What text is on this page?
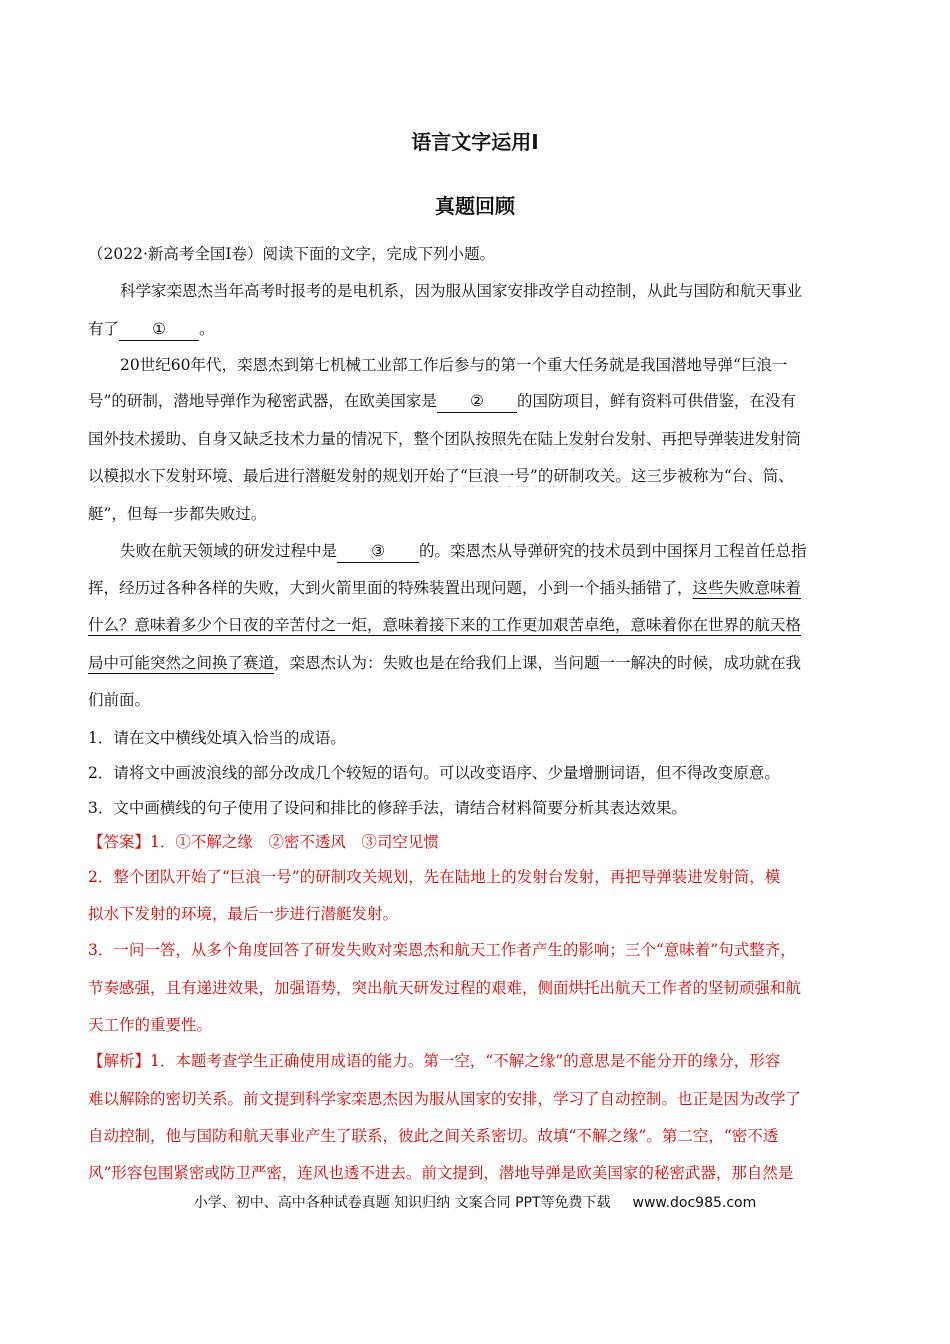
语言文字运用Ⅰ
真题回顾
（2022·新高考全国Ⅰ卷）阅读下面的文字，完成下列小题。
科学家栾恩杰当年高考时报考的是电机系，因为服从国家安排改学自动控制，从此与国防和航天事业
有了 ① 。
20世纪60年代，栾恩杰到第七机械工业部工作后参与的第一个重大任务就是我国潜地导弹“巨浪一
号”的研制，潜地导弹作为秘密武器，在欧美国家是 ② 的国防项目，鲜有资料可供借鉴，在没有
国外技术援助、自身又缺乏技术力量的情况下，整个团队按照先在陆上发射台发射、再把导弹装进发射筒
以模拟水下发射环境、最后进行潜艇发射的规划开始了“巨浪一号”的研制攻关。这三步被称为“台、筒、
艇”，但每一步都失败过。
失败在航天领域的研发过程中是 ③ 的。栾恩杰从导弹研究的技术员到中国探月工程首任总指
挥，经历过各种各样的失败，大到火箭里面的特殊装置出现问题，小到一个插头插错了，这些失败意味着
什么？意味着多少个日夜的辛苦付之一炬，意味着接下来的工作更加艰苦卓绝，意味着你在世界的航天格
局中可能突然之间换了赛道，栾恩杰认为：失败也是在给我们上课，当问题一一解决的时候，成功就在我
们前面。
1．请在文中横线处填入恰当的成语。
2．请将文中画波浪线的部分改成几个较短的语句。可以改变语序、少量增删词语，但不得改变原意。
3．文中画横线的句子使用了设问和排比的修辞手法，请结合材料简要分析其表达效果。
【答案】1．①不解之缘　②密不透风　③司空见惯
2．整个团队开始了“巨浪一号”的研制攻关规划，先在陆地上的发射台发射，再把导弹装进发射筒，模
拟水下发射的环境，最后一步进行潜艇发射。
3．一问一答，从多个角度回答了研发失败对栾恩杰和航天工作者产生的影响；三个“意味着”句式整齐，
节奏感强，且有递进效果，加强语势，突出航天研发过程的艰难，侧面烘托出航天工作者的坚韧顽强和航
天工作的重要性。
【解析】1．本题考查学生正确使用成语的能力。第一空，“不解之缘”的意思是不能分开的缘分，形容
难以解除的密切关系。前文提到科学家栾恩杰因为服从国家的安排，学习了自动控制。也正是因为改学了
自动控制，他与国防和航天事业产生了联系，彼此之间关系密切。故填“不解之缘”。第二空，“密不透
风”形容包围紧密或防卫严密，连风也透不进去。前文提到，潜地导弹是欧美国家的秘密武器，那自然是
小学、初中、高中各种试卷真题 知识归纳 文案合同 PPT等免费下载 www.doc985.com
